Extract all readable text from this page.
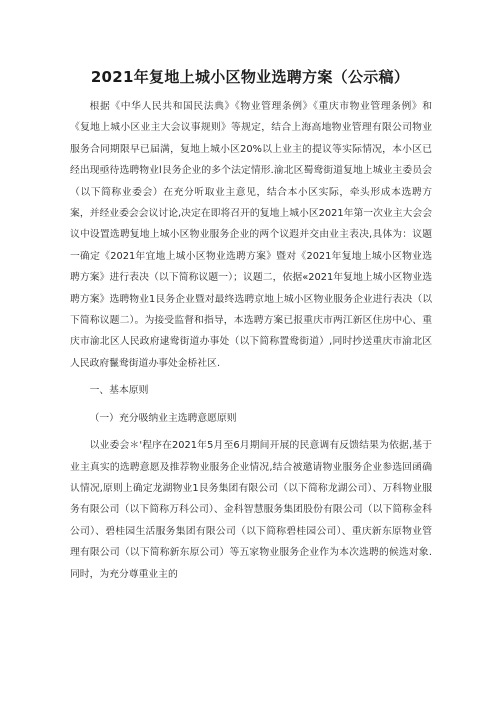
2021年复地上城小区物业选聘方案（公示稿）

根据《中华人民共和国民法典》《物业管理条例》《重庆市物业管理条例》和《复地上城小区业主大会议事规则》等规定，结合上海高地物业管理有限公司物业服务合同期限早已届满，复地上城小区20%以上业主的提议等实际情况，本小区已经出现亟待选聘物业l艮务企业的多个法定情形.渝北区蜀鸯街道复地上城业主委员会（以下简称业委会）在充分听取业主意见，结合本小区实际，牵头形成本选聘方案，并经业委会会议讨论,决定在即将召开的复地上城小区2021年第一次业主大会会议中设置选聘复地上城小区物业服务企业的两个议遐并交由业主表决,具体为：议题一确定《2021年宜地上城小区物业选聘方案》暨对《2021年复地上城小区物业选聘方案》进行表决（以下简称议题一）；议题二，依据«2021年复地上城小区物业选聘方案》选聘物业1艮务企业暨对最终选聘京地上城小区物业服务企业进行表决（以下简称议题二）。为接受监督和指导，本选聘方案已报重庆市两江新区住房中心、重庆市渝北区人民政府逮鸯街道办事处（以下简称置鸯街道）,同时抄送重庆市渝北区人民政府鬣鸯街道办事处金桥社区.

一、基本原则

（一）充分吸纳业主选聘意愿原则

以业委会＊'程序在2021年5月至6月期间开展的民意调有反馈结果为依据,基于业主真实的选聘意愿及推荐物业服务企业情况,结合被邀请物业服务企业参选回函确认情况,原则上确定龙湖物业1艮务集团有限公司（以下简称龙湖公司）、万科物业服务有限公司（以下简称万科公司）、金科智慧服务集团股份有限公司（以下简称金科公司）、碧桂园生活服务集团有限公司（以下简称碧桂园公司）、重庆新东原物业管理有限公司（以下简称新东原公司）等五家物业服务企业作为本次选聘的候选对象.同时，为充分尊重业主的
